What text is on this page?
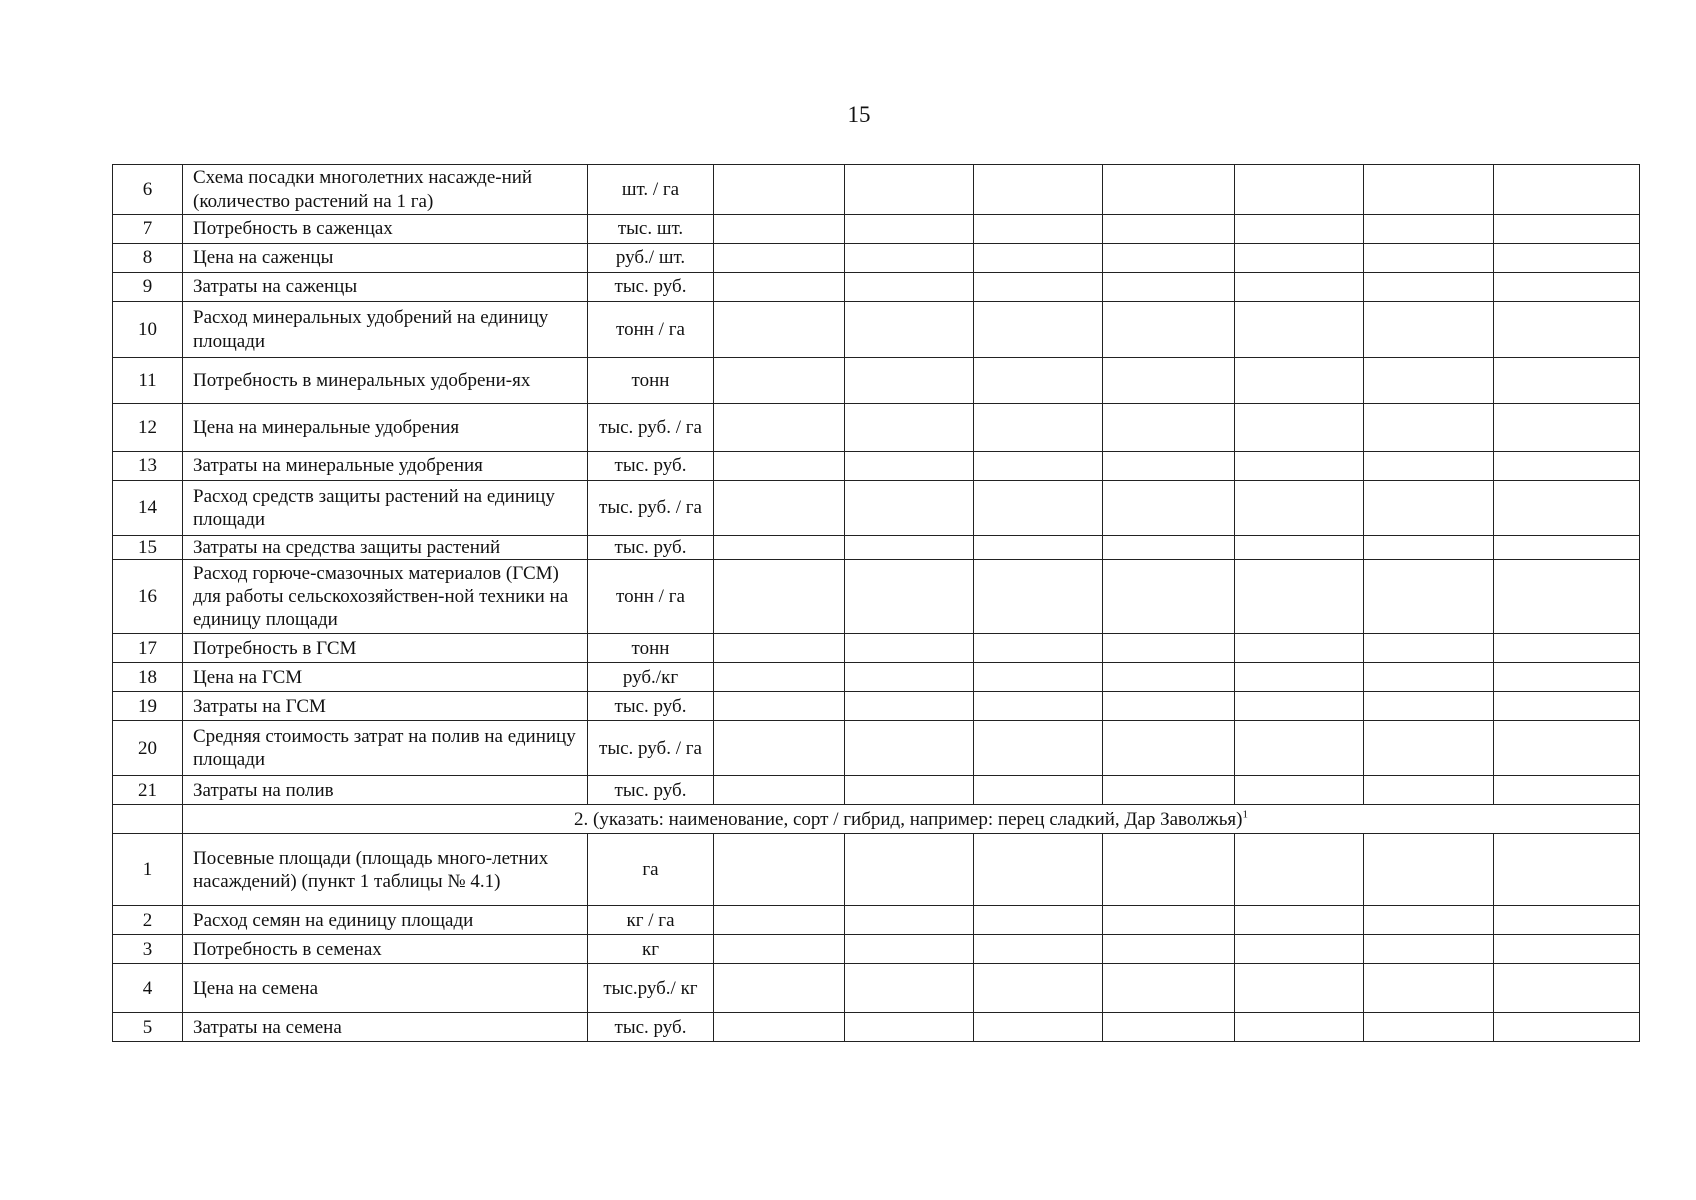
15
6	Схема посадки многолетних насажде-ний (количество растений на 1 га)	шт. / га							
7	Потребность в саженцах	тыс. шт.							
8	Цена на саженцы	руб./ шт.							
9	Затраты на саженцы	тыс. руб.							
10	Расход минеральных удобрений на единицу площади	тонн / га							
11	Потребность в минеральных удобрени-ях	тонн							
12	Цена на минеральные удобрения	тыс. руб. / га							
13	Затраты на минеральные удобрения	тыс. руб.							
14	Расход средств защиты растений на единицу площади	тыс. руб. / га							
15	Затраты на средства защиты растений	тыс. руб.							
16	Расход горюче-смазочных материалов (ГСМ) для работы сельскохозяйствен-ной техники на единицу площади	тонн / га							
17	Потребность в ГСМ	тонн							
18	Цена на ГСМ	руб./кг							
19	Затраты на ГСМ	тыс. руб.							
20	Средняя стоимость затрат на полив на единицу площади	тыс. руб. / га							
21	Затраты на полив	тыс. руб.							
	2. (указать: наименование, сорт / гибрид, например: перец сладкий, Дар Заволжья)$^1$
1	Посевные площади (площадь много-летних насаждений) (пункт 1 таблицы № 4.1)	га							
2	Расход семян на единицу площади	кг / га							
3	Потребность в семенах	кг							
4	Цена на семена	тыс.руб./ кг							
5	Затраты на семена	тыс. руб.							
